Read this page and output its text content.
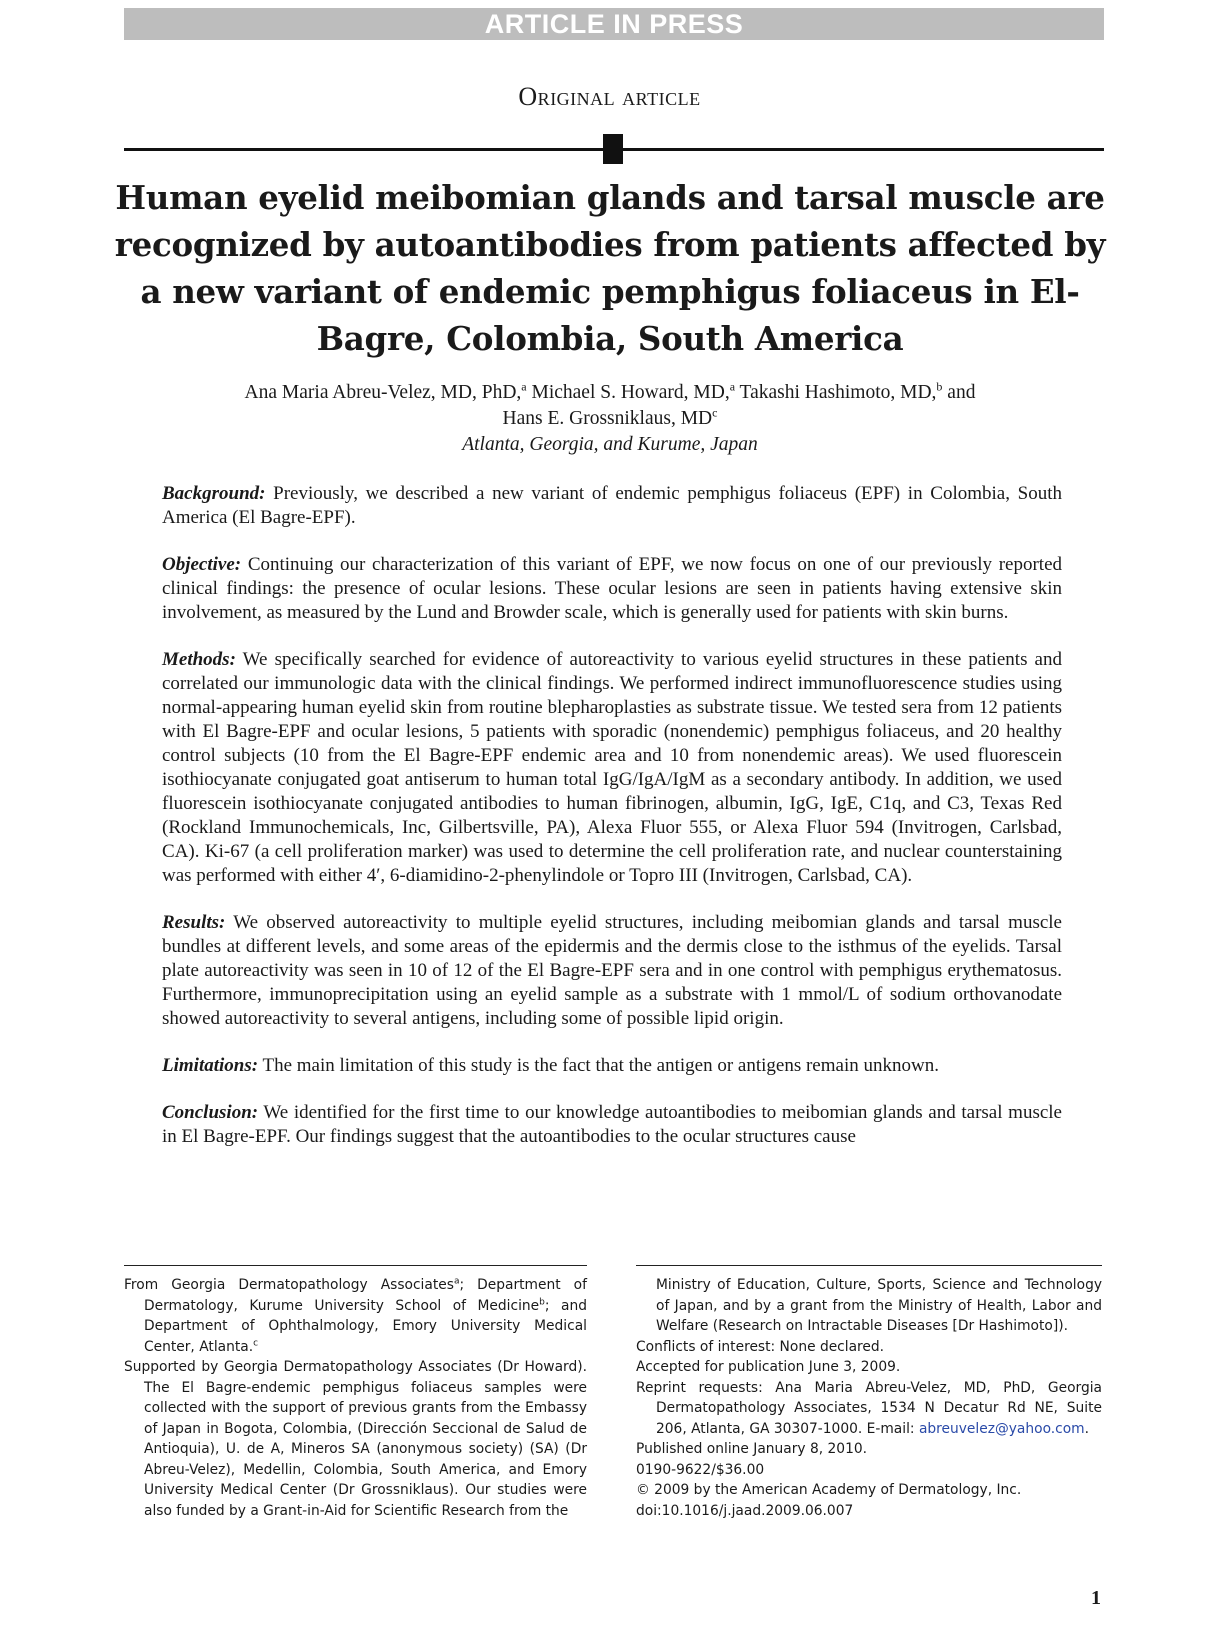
ARTICLE IN PRESS
Original article
Human eyelid meibomian glands and tarsal muscle are recognized by autoantibodies from patients affected by a new variant of endemic pemphigus foliaceus in El-Bagre, Colombia, South America
Ana Maria Abreu-Velez, MD, PhD,$^a$ Michael S. Howard, MD,$^a$ Takashi Hashimoto, MD,$^b$ and
Hans E. Grossniklaus, $MD^c$
Atlanta, Georgia, and Kurume, Japan

Background: Previously, we described a new variant of endemic pemphigus foliaceus (EPF) in Colombia, South America (El Bagre-EPF).

Objective: Continuing our characterization of this variant of EPF, we now focus on one of our previously reported clinical findings: the presence of ocular lesions. These ocular lesions are seen in patients having extensive skin involvement, as measured by the Lund and Browder scale, which is generally used for patients with skin burns.

Methods: We specifically searched for evidence of autoreactivity to various eyelid structures in these patients and correlated our immunologic data with the clinical findings. We performed indirect immunofluorescence studies using normal-appearing human eyelid skin from routine blepharoplasties as substrate tissue. We tested sera from 12 patients with El Bagre-EPF and ocular lesions, 5 patients with sporadic (nonendemic) pemphigus foliaceus, and 20 healthy control subjects (10 from the El Bagre-EPF endemic area and 10 from nonendemic areas). We used fluorescein isothiocyanate conjugated goat antiserum to human total IgG/IgA/IgM as a secondary antibody. In addition, we used fluorescein isothiocyanate conjugated antibodies to human fibrinogen, albumin, IgG, IgE, C1q, and C3, Texas Red (Rockland Immunochemicals, Inc, Gilbertsville, PA), Alexa Fluor 555, or Alexa Fluor 594 (Invitrogen, Carlsbad, CA). Ki-67 (a cell proliferation marker) was used to determine the cell proliferation rate, and nuclear counterstaining was performed with either 4′, 6-diamidino-2-phenylindole or Topro III (Invitrogen, Carlsbad, CA).

Results: We observed autoreactivity to multiple eyelid structures, including meibomian glands and tarsal muscle bundles at different levels, and some areas of the epidermis and the dermis close to the isthmus of the eyelids. Tarsal plate autoreactivity was seen in 10 of 12 of the El Bagre-EPF sera and in one control with pemphigus erythematosus. Furthermore, immunoprecipitation using an eyelid sample as a substrate with 1 mmol/L of sodium orthovanodate showed autoreactivity to several antigens, including some of possible lipid origin.

Limitations: The main limitation of this study is the fact that the antigen or antigens remain unknown.

Conclusion: We identified for the first time to our knowledge autoantibodies to meibomian glands and tarsal muscle in El Bagre-EPF. Our findings suggest that the autoantibodies to the ocular structures cause

From Georgia Dermatopathology Associates$^a$; Department of Dermatology, Kurume University School of Medicine$^b$; and Department of Ophthalmology, Emory University Medical Center, Atlanta.$^c$

Supported by Georgia Dermatopathology Associates (Dr Howard). The El Bagre-endemic pemphigus foliaceus samples were collected with the support of previous grants from the Embassy of Japan in Bogota, Colombia, (Dirección Seccional de Salud de Antioquia), U. de A, Mineros SA (anonymous society) (SA) (Dr Abreu-Velez), Medellin, Colombia, South America, and Emory University Medical Center (Dr Grossniklaus). Our studies were also funded by a Grant-in-Aid for Scientific Research from the

Ministry of Education, Culture, Sports, Science and Technology of Japan, and by a grant from the Ministry of Health, Labor and Welfare (Research on Intractable Diseases [Dr Hashimoto]).

Conflicts of interest: None declared.

Accepted for publication June 3, 2009.

Reprint requests: Ana Maria Abreu-Velez, MD, PhD, Georgia Dermatopathology Associates, 1534 N Decatur Rd NE, Suite 206, Atlanta, GA 30307-1000. E-mail: abreuvelez@yahoo.com.

Published online January 8, 2010.

0190-9622/$36.00

© 2009 by the American Academy of Dermatology, Inc.

doi:10.1016/j.jaad.2009.06.007

1
